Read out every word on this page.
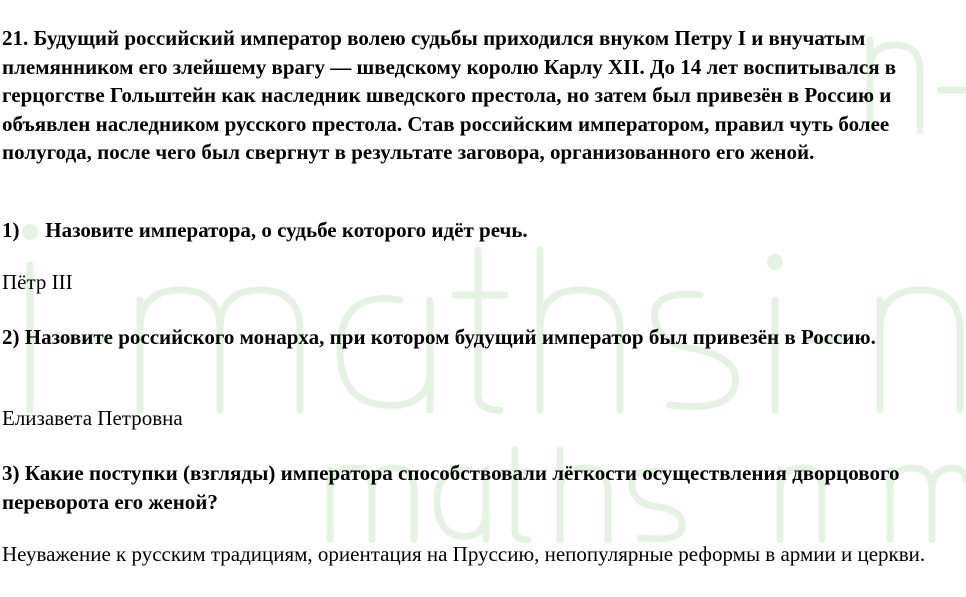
21. Будущий российский император волею судьбы приходился внуком Петру I и внучатым племянником его злейшему врагу — шведскому королю Карлу XII. До 14 лет воспитывался в герцогстве Гольштейн как наследник шведского престола, но затем был привезён в Россию и объявлен наследником русского престола. Став российским императором, правил чуть более полугода, после чего был свергнут в результате заговора, организованного его женой.

1) Назовите императора, о судьбе которого идёт речь.

Пётр III

2) Назовите российского монарха, при котором будущий император был привезён в Россию.

Елизавета Петровна

3) Какие поступки (взгляды) императора способствовали лёгкости осуществления дворцового переворота его женой?

Неуважение к русским традициям, ориентация на Пруссию, непопулярные реформы в армии и церкви.
